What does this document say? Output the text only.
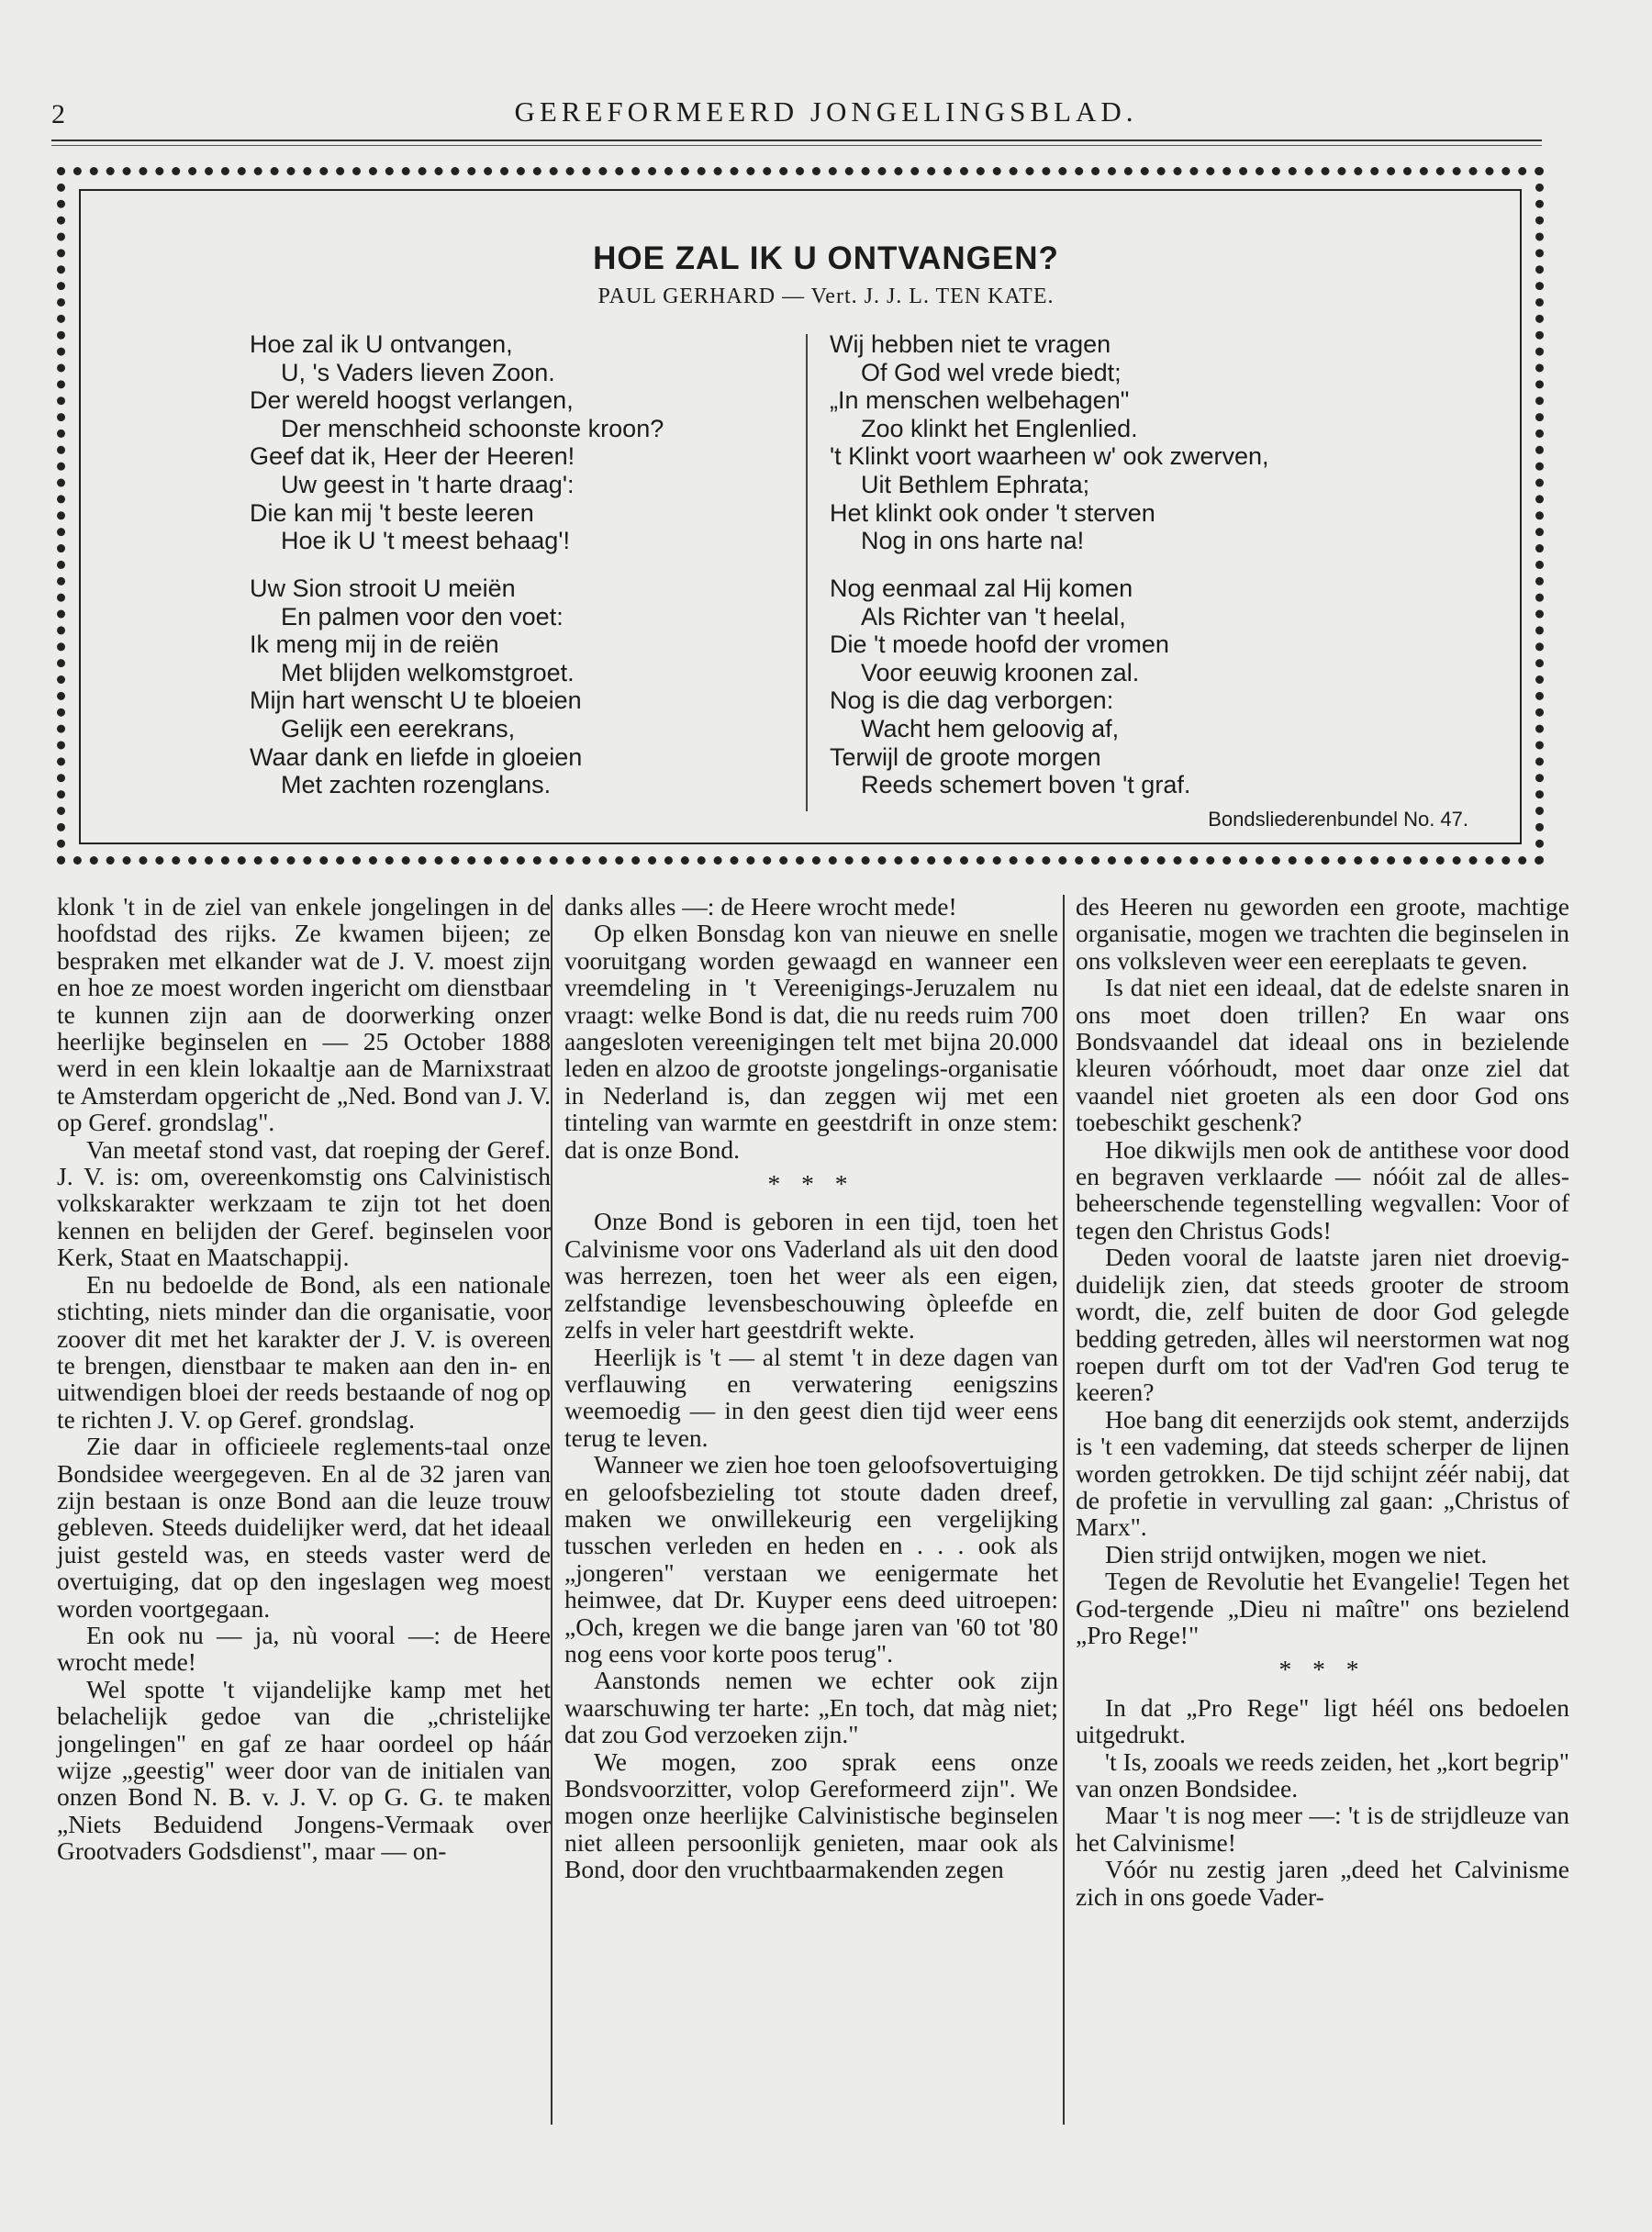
2	GEREFORMEERD JONGELINGSBLAD.
HOE ZAL IK U ONTVANGEN?
PAUL GERHARD — Vert. J. J. L. TEN KATE.
Hoe zal ik U ontvangen,
U, 's Vaders lieven Zoon.
Der wereld hoogst verlangen,
Der menschheid schoonste kroon?
Geef dat ik, Heer der Heeren!
Uw geest in 't harte draag':
Die kan mij 't beste leeren
Hoe ik U 't meest behaag'!
Uw Sion strooit U meiën
En palmen voor den voet:
Ik meng mij in de reiën
Met blijden welkomstgroet.
Mijn hart wenscht U te bloeien
Gelijk een eerekrans,
Waar dank en liefde in gloeien
Met zachten rozenglans.
Wij hebben niet te vragen
Of God wel vrede biedt;
„In menschen welbehagen"
Zoo klinkt het Englenlied.
't Klinkt voort waarheen w' ook zwerven,
Uit Bethlem Ephrata;
Het klinkt ook onder 't sterven
Nog in ons harte na!
Nog eenmaal zal Hij komen
Als Richter van 't heelal,
Die 't moede hoofd der vromen
Voor eeuwig kroonen zal.
Nog is die dag verborgen:
Wacht hem geloovig af,
Terwijl de groote morgen
Reeds schemert boven 't graf.
Bondsliederenbundel No. 47.

klonk 't in de ziel van enkele jongelingen in de hoofdstad des rijks. Ze kwamen bijeen; ze bespraken met elkander wat de J. V. moest zijn en hoe ze moest worden ingericht om dienstbaar te kunnen zijn aan de doorwerking onzer heerlijke beginselen en — 25 October 1888 werd in een klein lokaaltje aan de Marnixstraat te Amsterdam opgericht de „Ned. Bond van J. V. op Geref. grondslag".

Van meetaf stond vast, dat roeping der Geref. J. V. is: om, overeenkomstig ons Calvinistisch volkskarakter werkzaam te zijn tot het doen kennen en belijden der Geref. beginselen voor Kerk, Staat en Maatschappij.

En nu bedoelde de Bond, als een nationale stichting, niets minder dan die organisatie, voor zoover dit met het karakter der J. V. is overeen te brengen, dienstbaar te maken aan den in- en uitwendigen bloei der reeds bestaande of nog op te richten J. V. op Geref. grondslag.

Zie daar in officieele reglements-taal onze Bondsidee weergegeven. En al de 32 jaren van zijn bestaan is onze Bond aan die leuze trouw gebleven. Steeds duidelijker werd, dat het ideaal juist gesteld was, en steeds vaster werd de overtuiging, dat op den ingeslagen weg moest worden voortgegaan.

En ook nu — ja, nù vooral —: de Heere wrocht mede!

Wel spotte 't vijandelijke kamp met het belachelijk gedoe van die „christelijke jongelingen" en gaf ze haar oordeel op háár wijze „geestig" weer door van de initialen van onzen Bond N. B. v. J. V. op G. G. te maken „Niets Beduidend Jongens-Vermaak over Grootvaders Godsdienst", maar — on-

danks alles —: de Heere wrocht mede!

Op elken Bonsdag kon van nieuwe en snelle vooruitgang worden gewaagd en wanneer een vreemdeling in 't Vereenigings-Jeruzalem nu vraagt: welke Bond is dat, die nu reeds ruim 700 aangesloten vereenigingen telt met bijna 20.000 leden en alzoo de grootste jongelings-organisatie in Nederland is, dan zeggen wij met een tinteling van warmte en geestdrift in onze stem: dat is onze Bond.

* * *

Onze Bond is geboren in een tijd, toen het Calvinisme voor ons Vaderland als uit den dood was herrezen, toen het weer als een eigen, zelfstandige levensbeschouwing òpleefde en zelfs in veler hart geestdrift wekte.

Heerlijk is 't — al stemt 't in deze dagen van verflauwing en verwatering eenigszins weemoedig — in den geest dien tijd weer eens terug te leven.

Wanneer we zien hoe toen geloofsovertuiging en geloofsbezieling tot stoute daden dreef, maken we onwillekeurig een vergelijking tusschen verleden en heden en . . . ook als „jongeren" verstaan we eenigermate het heimwee, dat Dr. Kuyper eens deed uitroepen: „Och, kregen we die bange jaren van '60 tot '80 nog eens voor korte poos terug".

Aanstonds nemen we echter ook zijn waarschuwing ter harte: „En toch, dat màg niet; dat zou God verzoeken zijn."

We mogen, zoo sprak eens onze Bondsvoorzitter, volop Gereformeerd zijn". We mogen onze heerlijke Calvinistische beginselen niet alleen persoonlijk genieten, maar ook als Bond, door den vruchtbaarmakenden zegen

des Heeren nu geworden een groote, machtige organisatie, mogen we trachten die beginselen in ons volksleven weer een eereplaats te geven.

Is dat niet een ideaal, dat de edelste snaren in ons moet doen trillen? En waar ons Bondsvaandel dat ideaal ons in bezielende kleuren vóórhoudt, moet daar onze ziel dat vaandel niet groeten als een door God ons toebeschikt geschenk?

Hoe dikwijls men ook de antithese voor dood en begraven verklaarde — nóóit zal de alles-beheerschende tegenstelling wegvallen: Voor of tegen den Christus Gods!

Deden vooral de laatste jaren niet droevig-duidelijk zien, dat steeds grooter de stroom wordt, die, zelf buiten de door God gelegde bedding getreden, àlles wil neerstormen wat nog roepen durft om tot der Vad'ren God terug te keeren?

Hoe bang dit eenerzijds ook stemt, anderzijds is 't een vademing, dat steeds scherper de lijnen worden getrokken. De tijd schijnt zéér nabij, dat de profetie in vervulling zal gaan: „Christus of Marx".

Dien strijd ontwijken, mogen we niet.

Tegen de Revolutie het Evangelie! Tegen het God-tergende „Dieu ni maître" ons bezielend „Pro Rege!"

* * *

In dat „Pro Rege" ligt héél ons bedoelen uitgedrukt.

't Is, zooals we reeds zeiden, het „kort begrip" van onzen Bondsidee.

Maar 't is nog meer —: 't is de strijdleuze van het Calvinisme!

Vóór nu zestig jaren „deed het Calvinisme zich in ons goede Vader-
